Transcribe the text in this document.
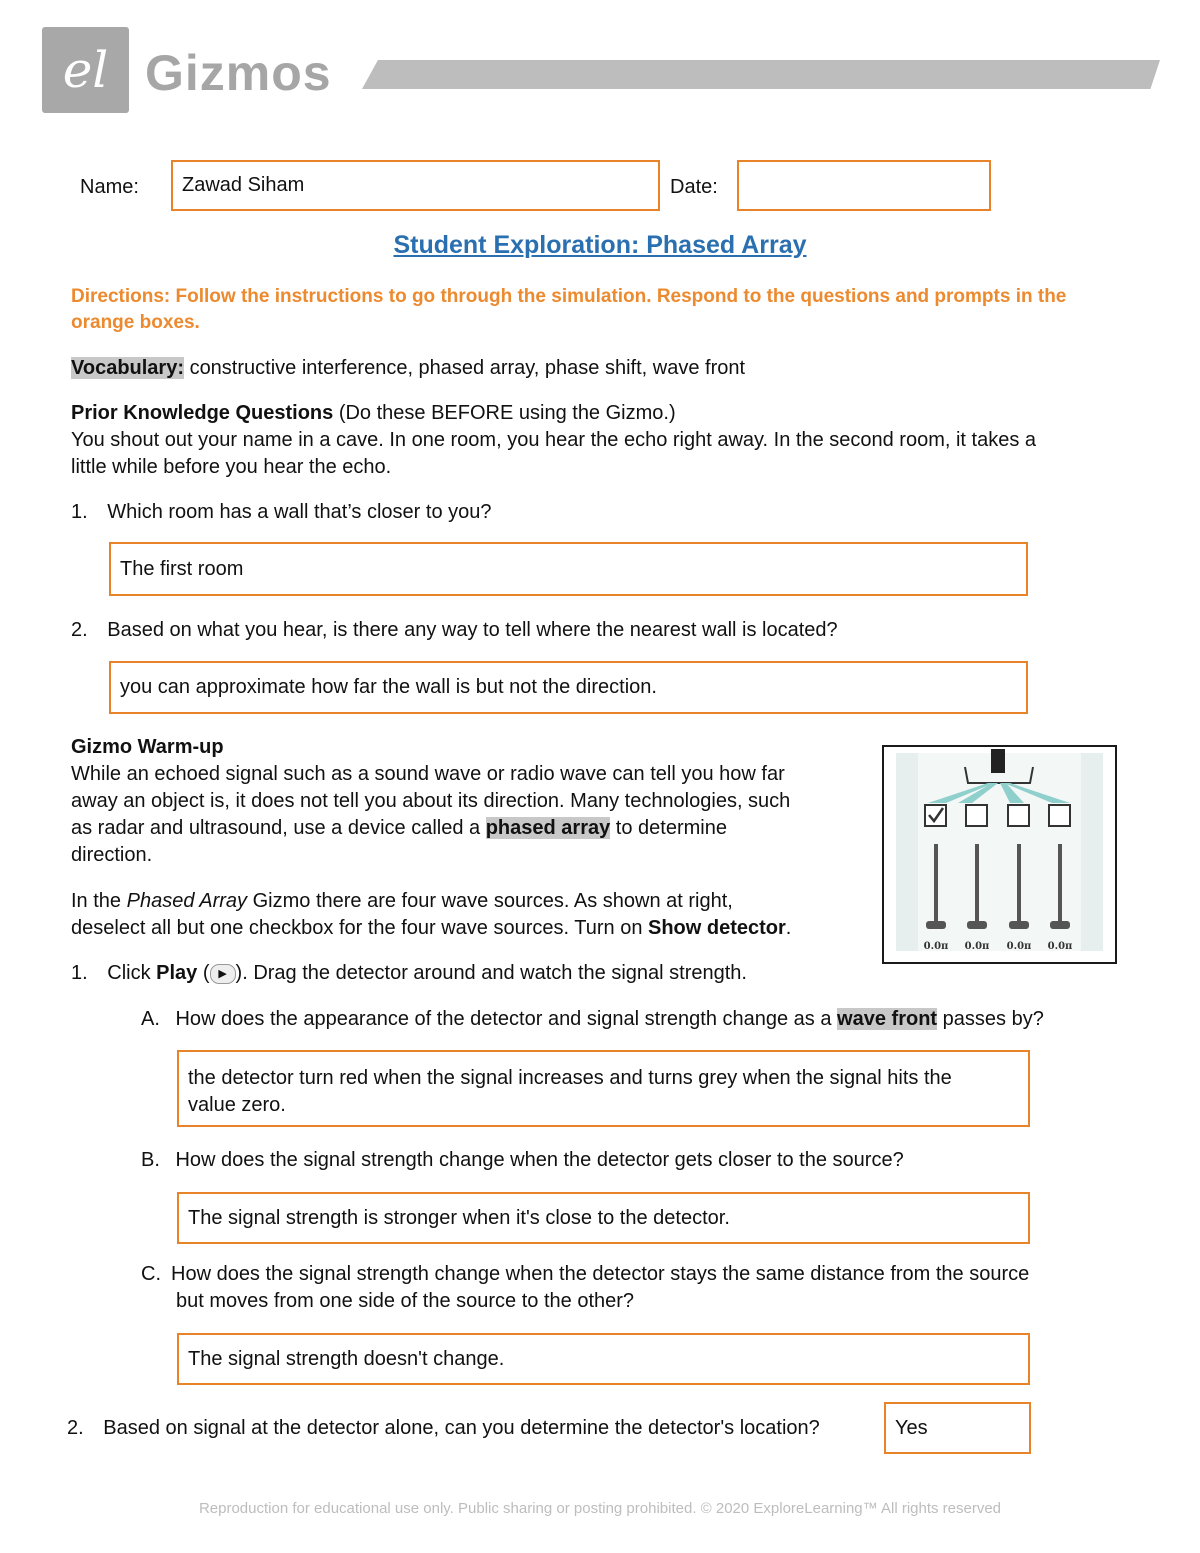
el Gizmos
Name:	Zawad Siham	Date:
Student Exploration: Phased Array
Directions: Follow the instructions to go through the simulation. Respond to the questions and prompts in the orange boxes.
Vocabulary: constructive interference, phased array, phase shift, wave front
Prior Knowledge Questions (Do these BEFORE using the Gizmo.)
You shout out your name in a cave. In one room, you hear the echo right away. In the second room, it takes a
little while before you hear the echo.
1. Which room has a wall that’s closer to you?
The first room
2. Based on what you hear, is there any way to tell where the nearest wall is located?
you can approximate how far the wall is but not the direction.
Gizmo Warm-up
While an echoed signal such as a sound wave or radio wave can tell you how far
away an object is, it does not tell you about its direction. Many technologies, such
as radar and ultrasound, use a device called a phased array to determine
direction.
In the Phased Array Gizmo there are four wave sources. As shown at right,
deselect all but one checkbox for the four wave sources. Turn on Show detector.
0.0π 0.0π 0.0π 0.0π
1. Click Play ( ▶ ). Drag the detector around and watch the signal strength.
A. How does the appearance of the detector and signal strength change as a wave front passes by?
the detector turn red when the signal increases and turns grey when the signal hits the
value zero.
B. How does the signal strength change when the detector gets closer to the source?
The signal strength is stronger when it's close to the detector.
C. How does the signal strength change when the detector stays the same distance from the source
but moves from one side of the source to the other?
The signal strength doesn't change.
2. Based on signal at the detector alone, can you determine the detector's location?	Yes
Reproduction for educational use only. Public sharing or posting prohibited. © 2020 ExploreLearning™ All rights reserved
